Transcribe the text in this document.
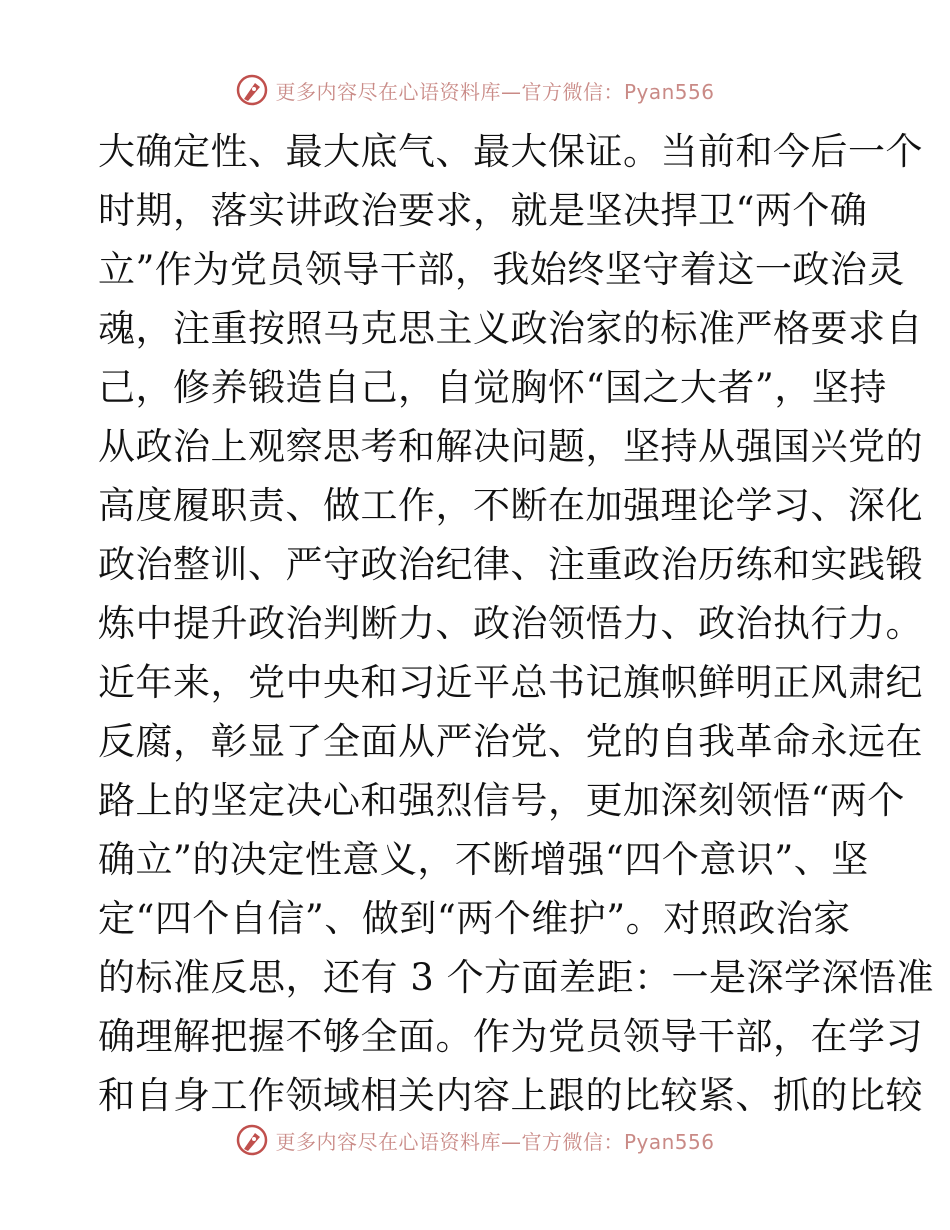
更多内容尽在心语资料库—官方微信：Pyan556
大确定性、最大底气、最大保证。当前和今后一个
时期，落实讲政治要求，就是坚决捍卫“两个确
立”作为党员领导干部，我始终坚守着这一政治灵
魂，注重按照马克思主义政治家的标准严格要求自
己，修养锻造自己，自觉胸怀“国之大者”，坚持
从政治上观察思考和解决问题，坚持从强国兴党的
高度履职责、做工作，不断在加强理论学习、深化
政治整训、严守政治纪律、注重政治历练和实践锻
炼中提升政治判断力、政治领悟力、政治执行力。
近年来，党中央和习近平总书记旗帜鲜明正风肃纪
反腐，彰显了全面从严治党、党的自我革命永远在
路上的坚定决心和强烈信号，更加深刻领悟“两个
确立”的决定性意义，不断增强“四个意识”、坚
定“四个自信”、做到“两个维护”。对照政治家
的标准反思，还有 3 个方面差距：一是深学深悟准
确理解把握不够全面。作为党员领导干部，在学习
和自身工作领域相关内容上跟的比较紧、抓的比较
更多内容尽在心语资料库—官方微信：Pyan556
